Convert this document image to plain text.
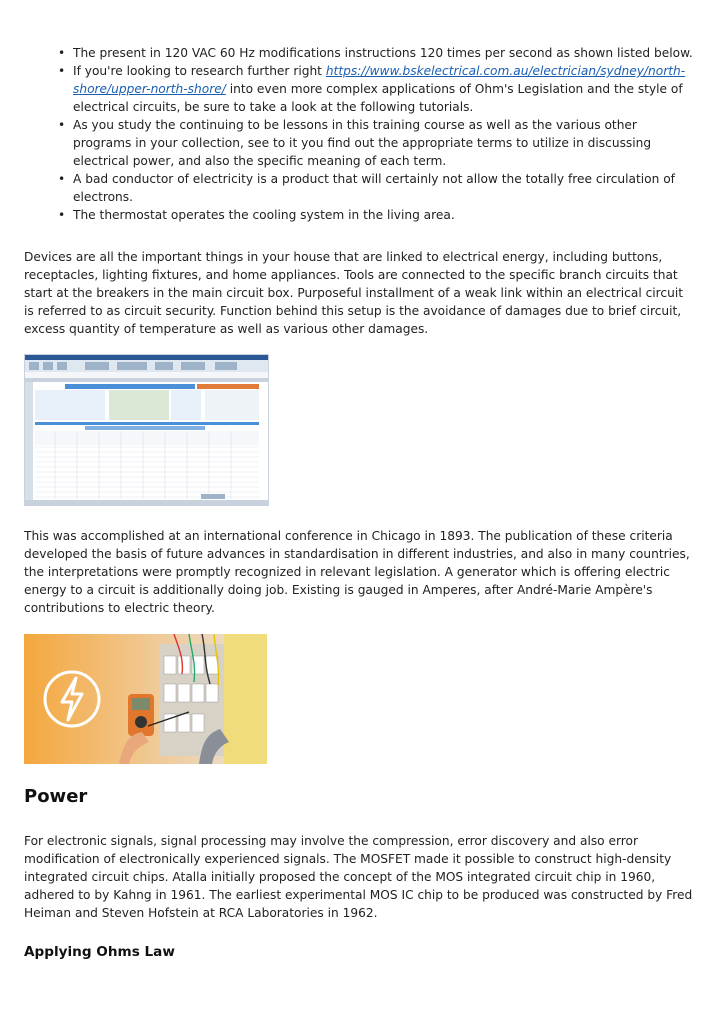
• The present in 120 VAC 60 Hz modifications instructions 120 times per second as shown listed below.
• If you're looking to research further right https://www.bskelectrical.com.au/electrician/sydney/north-shore/upper-north-shore/ into even more complex applications of Ohm's Legislation and the style of electrical circuits, be sure to take a look at the following tutorials.
• As you study the continuing to be lessons in this training course as well as the various other programs in your collection, see to it you find out the appropriate terms to utilize in discussing electrical power, and also the specific meaning of each term.
• A bad conductor of electricity is a product that will certainly not allow the totally free circulation of electrons.
• The thermostat operates the cooling system in the living area.

Devices are all the important things in your house that are linked to electrical energy, including buttons, receptacles, lighting fixtures, and home appliances. Tools are connected to the specific branch circuits that start at the breakers in the main circuit box. Purposeful installment of a weak link within an electrical circuit is referred to as circuit security. Function behind this setup is the avoidance of damages due to brief circuit, excess quantity of temperature as well as various other damages.

This was accomplished at an international conference in Chicago in 1893. The publication of these criteria developed the basis of future advances in standardisation in different industries, and also in many countries, the interpretations were promptly recognized in relevant legislation. A generator which is offering electric energy to a circuit is additionally doing job. Existing is gauged in Amperes, after André-Marie Ampère's contributions to electric theory.

Power

For electronic signals, signal processing may involve the compression, error discovery and also error modification of electronically experienced signals. The MOSFET made it possible to construct high-density integrated circuit chips. Atalla initially proposed the concept of the MOS integrated circuit chip in 1960, adhered to by Kahng in 1961. The earliest experimental MOS IC chip to be produced was constructed by Fred Heiman and Steven Hofstein at RCA Laboratories in 1962.

Applying Ohms Law
